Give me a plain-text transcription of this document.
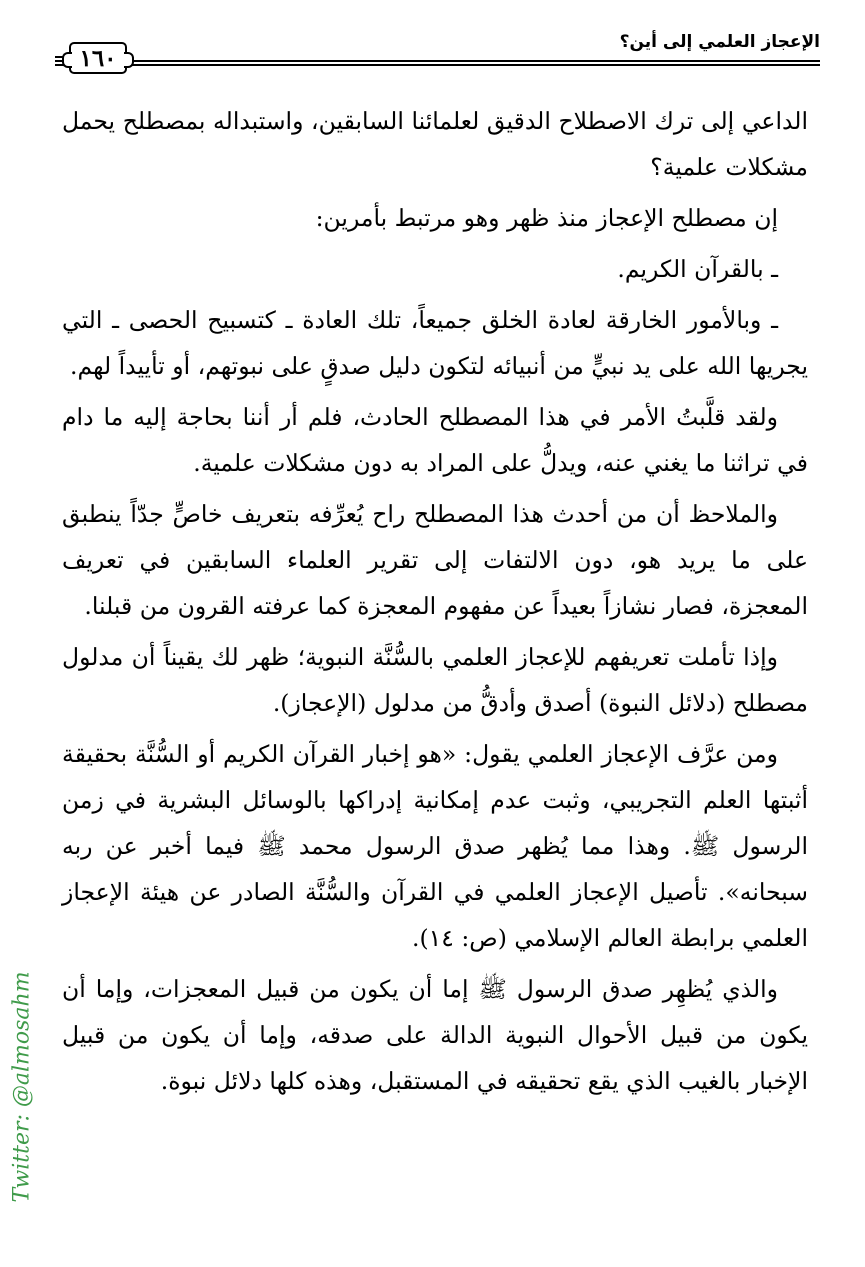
الإعجاز العلمي إلى أين؟
١٦٠

الداعي إلى ترك الاصطلاح الدقيق لعلمائنا السابقين، واستبداله بمصطلح يحمل مشكلات علمية؟

إن مصطلح الإعجاز منذ ظهر وهو مرتبط بأمرين:

ـ بالقرآن الكريم.

ـ وبالأمور الخارقة لعادة الخلق جميعاً، تلك العادة ـ كتسبيح الحصى ـ التي يجريها الله على يد نبيٍّ من أنبيائه لتكون دليل صدقٍ على نبوتهم، أو تأييداً لهم.

ولقد قلَّبتُ الأمر في هذا المصطلح الحادث، فلم أر أننا بحاجة إليه ما دام في تراثنا ما يغني عنه، ويدلُّ على المراد به دون مشكلات علمية.

والملاحظ أن من أحدث هذا المصطلح راح يُعرِّفه بتعريف خاصٍّ جدّاً ينطبق على ما يريد هو، دون الالتفات إلى تقرير العلماء السابقين في تعريف المعجزة، فصار نشازاً بعيداً عن مفهوم المعجزة كما عرفته القرون من قبلنا.

وإذا تأملت تعريفهم للإعجاز العلمي بالسُّنَّة النبوية؛ ظهر لك يقيناً أن مدلول مصطلح (دلائل النبوة) أصدق وأدقُّ من مدلول (الإعجاز).

ومن عرَّف الإعجاز العلمي يقول: «هو إخبار القرآن الكريم أو السُّنَّة بحقيقة أثبتها العلم التجريبي، وثبت عدم إمكانية إدراكها بالوسائل البشرية في زمن الرسول ﷺ. وهذا مما يُظهر صدق الرسول محمد ﷺ فيما أخبر عن ربه سبحانه». تأصيل الإعجاز العلمي في القرآن والسُّنَّة الصادر عن هيئة الإعجاز العلمي برابطة العالم الإسلامي (ص: ١٤).

والذي يُظهِر صدق الرسول ﷺ إما أن يكون من قبيل المعجزات، وإما أن يكون من قبيل الأحوال النبوية الدالة على صدقه، وإما أن يكون من قبيل الإخبار بالغيب الذي يقع تحقيقه في المستقبل، وهذه كلها دلائل نبوة.

Twitter: @almosahm
